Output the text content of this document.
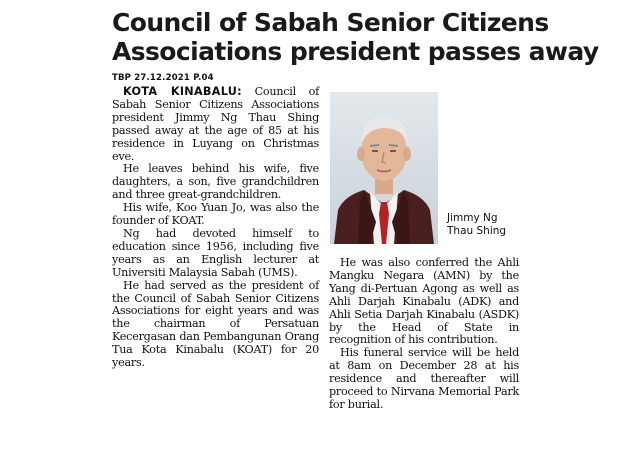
Council of Sabah Senior Citizens Associations president passes away
TBP 27.12.2021 P.04

KOTA KINABALU: Council of Sabah Senior Citizens Associations president Jimmy Ng Thau Shing passed away at the age of 85 at his residence in Luyang on Christmas eve.

He leaves behind his wife, five daughters, a son, five grandchildren and three great-grandchildren.

His wife, Koo Yuan Jo, was also the founder of KOAT.

Ng had devoted himself to education since 1956, including five years as an English lecturer at Universiti Malaysia Sabah (UMS).

He had served as the president of the Council of Sabah Senior Citizens Associations for eight years and was the chairman of Persatuan Kecergasan dan Pembangunan Orang Tua Kota Kinabalu (KOAT) for 20 years.

Jimmy Ng
Thau Shing

He was also conferred the Ahli Mangku Negara (AMN) by the Yang di-Pertuan Agong as well as Ahli Darjah Kinabalu (ADK) and Ahli Setia Darjah Kinabalu (ASDK) by the Head of State in recognition of his contribution.

His funeral service will be held at 8am on December 28 at his residence and thereafter will proceed to Nirvana Memorial Park for burial.
